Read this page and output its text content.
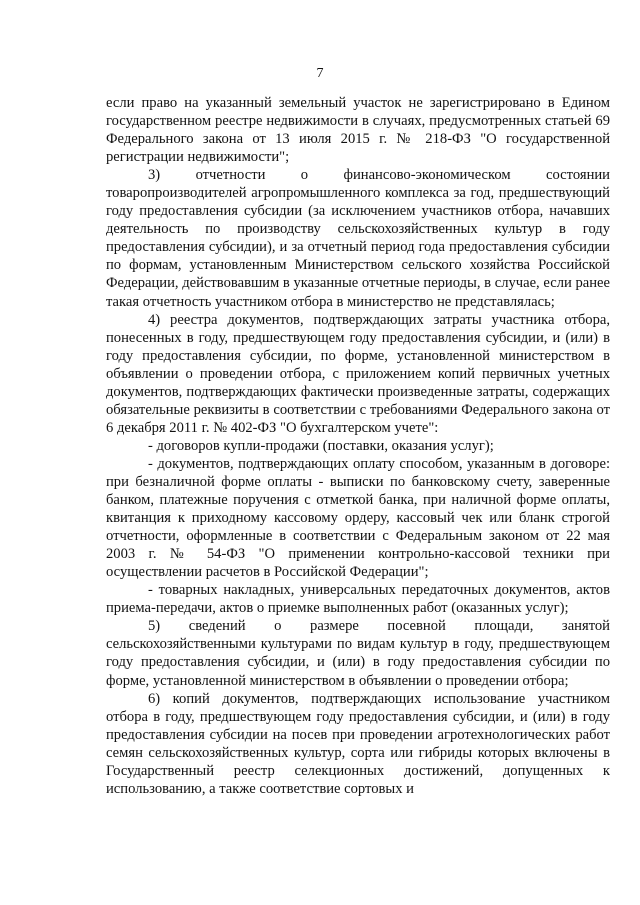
7

если право на указанный земельный участок не зарегистрировано в Едином государственном реестре недвижимости в случаях, предусмотренных статьей 69 Федерального закона от 13 июля 2015 г. № 218-ФЗ "О государственной регистрации недвижимости";

3) отчетности о финансово-экономическом состоянии товаропроизводителей агропромышленного комплекса за год, предшествующий году предоставления субсидии (за исключением участников отбора, начавших деятельность по производству сельскохозяйственных культур в году предоставления субсидии), и за отчетный период года предоставления субсидии по формам, установленным Министерством сельского хозяйства Российской Федерации, действовавшим в указанные отчетные периоды, в случае, если ранее такая отчетность участником отбора в министерство не представлялась;

4) реестра документов, подтверждающих затраты участника отбора, понесенных в году, предшествующем году предоставления субсидии, и (или) в году предоставления субсидии, по форме, установленной министерством в объявлении о проведении отбора, с приложением копий первичных учетных документов, подтверждающих фактически произведенные затраты, содержащих обязательные реквизиты в соответствии с требованиями Федерального закона от 6 декабря 2011 г. № 402-ФЗ "О бухгалтерском учете":

- договоров купли-продажи (поставки, оказания услуг);

- документов, подтверждающих оплату способом, указанным в договоре: при безналичной форме оплаты - выписки по банковскому счету, заверенные банком, платежные поручения с отметкой банка, при наличной форме оплаты, квитанция к приходному кассовому ордеру, кассовый чек или бланк строгой отчетности, оформленные в соответствии с Федеральным законом от 22 мая 2003 г. № 54-ФЗ "О применении контрольно-кассовой техники при осуществлении расчетов в Российской Федерации";

- товарных накладных, универсальных передаточных документов, актов приема-передачи, актов о приемке выполненных работ (оказанных услуг);

5) сведений о размере посевной площади, занятой сельскохозяйственными культурами по видам культур в году, предшествующем году предоставления субсидии, и (или) в году предоставления субсидии по форме, установленной министерством в объявлении о проведении отбора;

6) копий документов, подтверждающих использование участником отбора в году, предшествующем году предоставления субсидии, и (или) в году предоставления субсидии на посев при проведении агротехнологических работ семян сельскохозяйственных культур, сорта или гибриды которых включены в Государственный реестр селекционных достижений, допущенных к использованию, а также соответствие сортовых и
